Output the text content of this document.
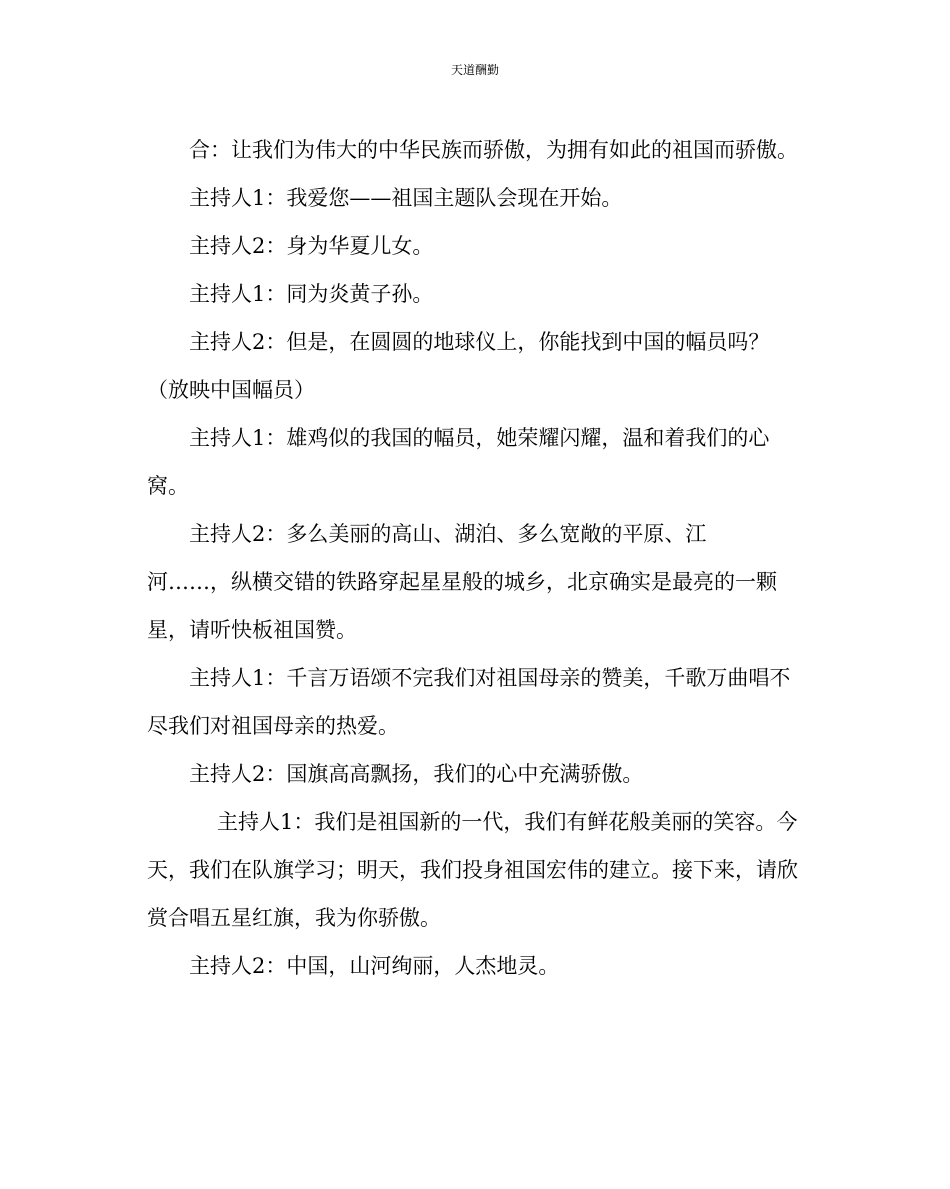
天道酬勤

合：让我们为伟大的中华民族而骄傲，为拥有如此的祖国而骄傲。

主持人1：我爱您——祖国主题队会现在开始。

主持人2：身为华夏儿女。

主持人1：同为炎黄子孙。

主持人2：但是，在圆圆的地球仪上，你能找到中国的幅员吗？

（放映中国幅员）

主持人1：雄鸡似的我国的幅员，她荣耀闪耀，温和着我们的心窝。

主持人2：多么美丽的高山、湖泊、多么宽敞的平原、江

河……，纵横交错的铁路穿起星星般的城乡，北京确实是最亮的一颗星，请听快板祖国赞。

主持人1：千言万语颂不完我们对祖国母亲的赞美，千歌万曲唱不尽我们对祖国母亲的热爱。

主持人2：国旗高高飘扬，我们的心中充满骄傲。

主持人1：我们是祖国新的一代，我们有鲜花般美丽的笑容。今天，我们在队旗学习；明天，我们投身祖国宏伟的建立。接下来，请欣赏合唱五星红旗，我为你骄傲。

主持人2：中国，山河绚丽，人杰地灵。
